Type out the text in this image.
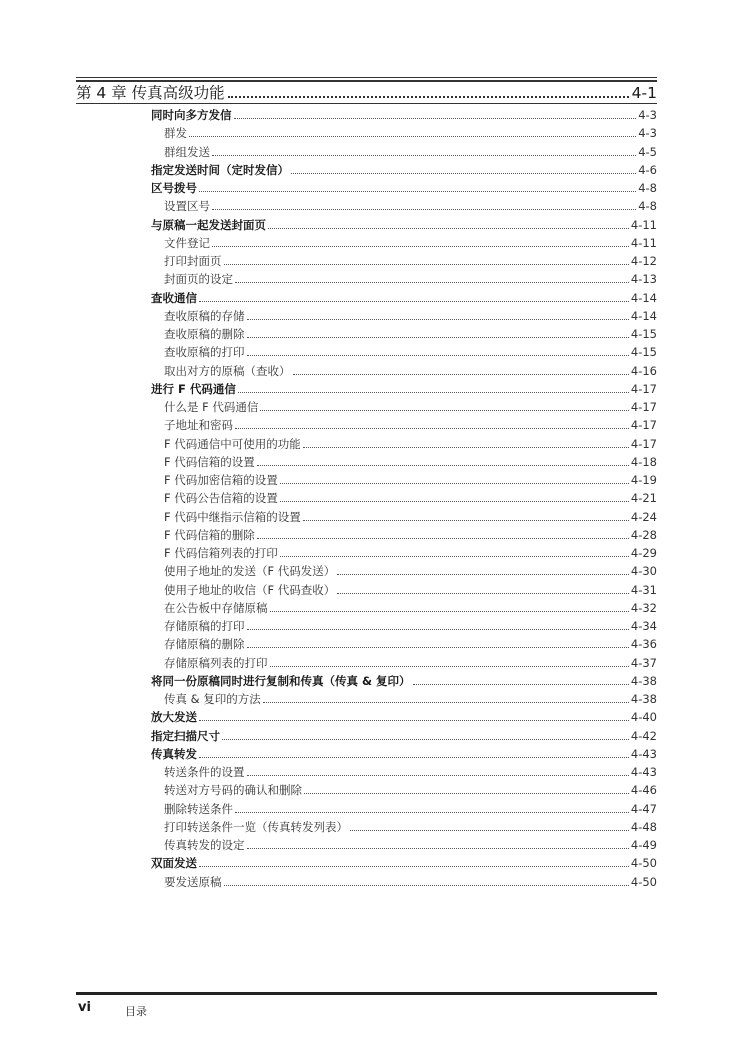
第 4 章 传真高级功能	4-1
同时向多方发信	4-3
群发	4-3
群组发送	4-5
指定发送时间（定时发信）	4-6
区号拨号	4-8
设置区号	4-8
与原稿一起发送封面页	4-11
文件登记	4-11
打印封面页	4-12
封面页的设定	4-13
查收通信	4-14
查收原稿的存储	4-14
查收原稿的删除	4-15
查收原稿的打印	4-15
取出对方的原稿（查收）	4-16
进行 F 代码通信	4-17
什么是 F 代码通信	4-17
子地址和密码	4-17
F 代码通信中可使用的功能	4-17
F 代码信箱的设置	4-18
F 代码加密信箱的设置	4-19
F 代码公告信箱的设置	4-21
F 代码中继指示信箱的设置	4-24
F 代码信箱的删除	4-28
F 代码信箱列表的打印	4-29
使用子地址的发送（F 代码发送）	4-30
使用子地址的收信（F 代码查收）	4-31
在公告板中存储原稿	4-32
存储原稿的打印	4-34
存储原稿的删除	4-36
存储原稿列表的打印	4-37
将同一份原稿同时进行复制和传真（传真 & 复印）	4-38
传真 & 复印的方法	4-38
放大发送	4-40
指定扫描尺寸	4-42
传真转发	4-43
转送条件的设置	4-43
转送对方号码的确认和删除	4-46
删除转送条件	4-47
打印转送条件一览（传真转发列表）	4-48
传真转发的设定	4-49
双面发送	4-50
要发送原稿	4-50
vi	目录
